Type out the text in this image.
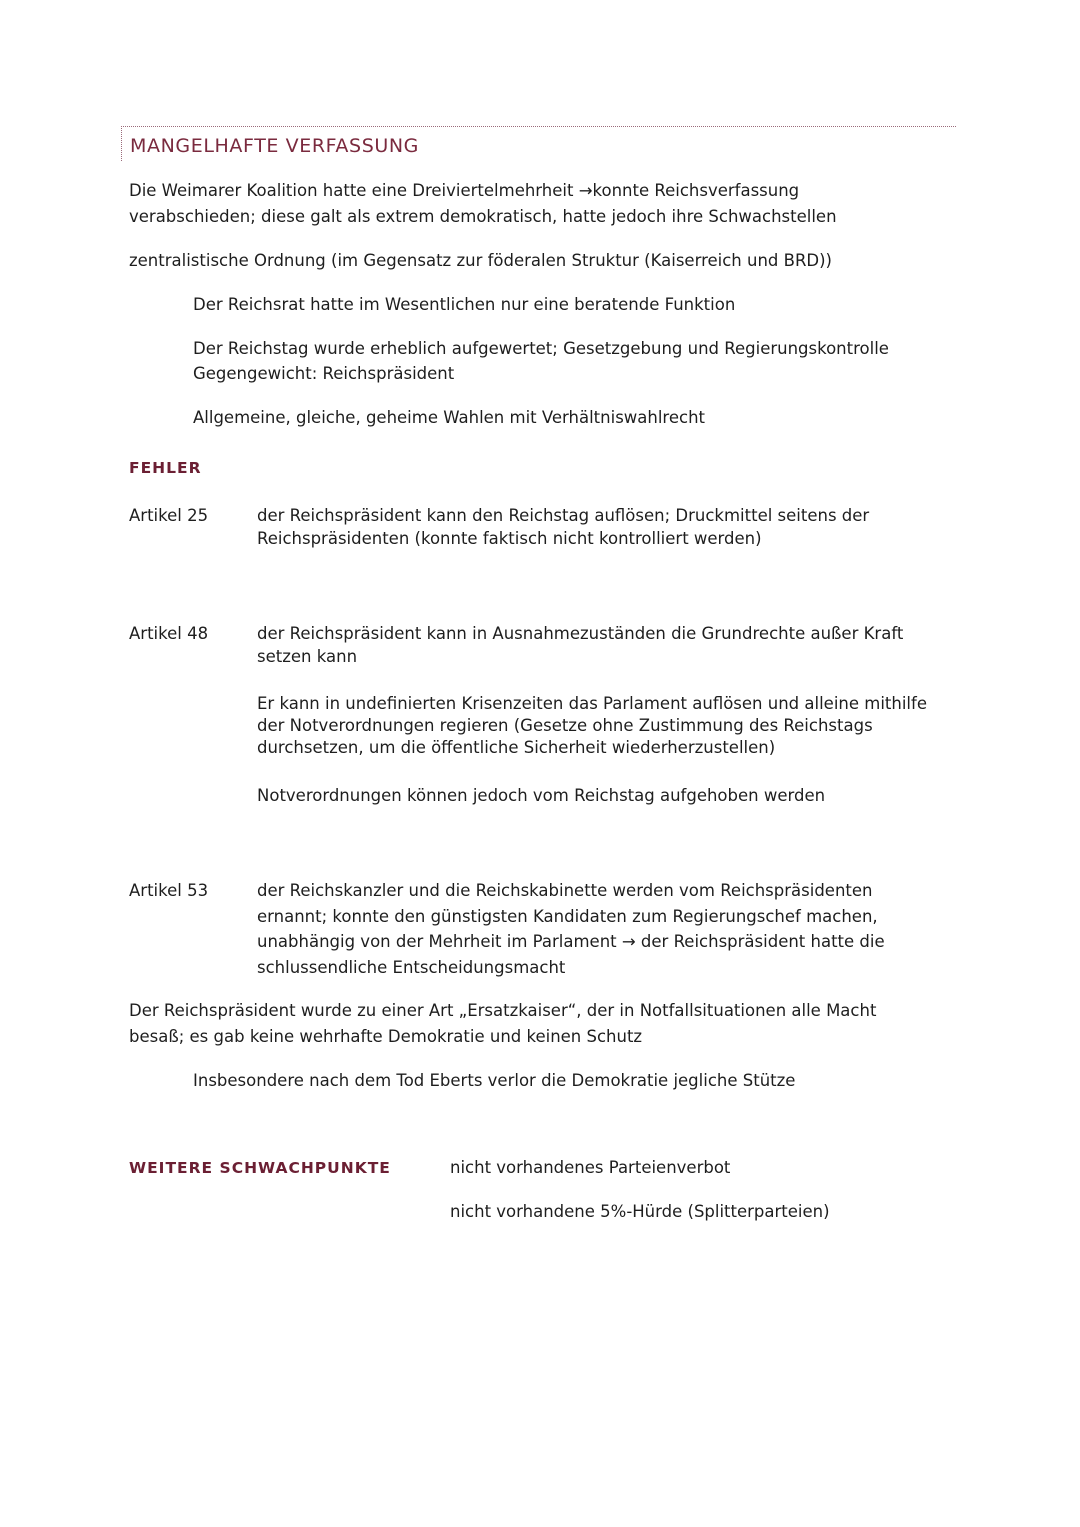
MANGELHAFTE VERFASSUNG
Die Weimarer Koalition hatte eine Dreiviertelmehrheit →konnte Reichsverfassung
verabschieden; diese galt als extrem demokratisch, hatte jedoch ihre Schwachstellen
zentralistische Ordnung (im Gegensatz zur föderalen Struktur (Kaiserreich und BRD))
Der Reichsrat hatte im Wesentlichen nur eine beratende Funktion
Der Reichstag wurde erheblich aufgewertet; Gesetzgebung und Regierungskontrolle
Gegengewicht: Reichspräsident
Allgemeine, gleiche, geheime Wahlen mit Verhältniswahlrecht
FEHLER
Artikel 25	der Reichspräsident kann den Reichstag auflösen; Druckmittel seitens der
Reichspräsidenten (konnte faktisch nicht kontrolliert werden)
Artikel 48	der Reichspräsident kann in Ausnahmezuständen die Grundrechte außer Kraft
setzen kann
Er kann in undefinierten Krisenzeiten das Parlament auflösen und alleine mithilfe
der Notverordnungen regieren (Gesetze ohne Zustimmung des Reichstags
durchsetzen, um die öffentliche Sicherheit wiederherzustellen)
Notverordnungen können jedoch vom Reichstag aufgehoben werden
Artikel 53	der Reichskanzler und die Reichskabinette werden vom Reichspräsidenten
ernannt; konnte den günstigsten Kandidaten zum Regierungschef machen,
unabhängig von der Mehrheit im Parlament → der Reichspräsident hatte die
schlussendliche Entscheidungsmacht
Der Reichspräsident wurde zu einer Art „Ersatzkaiser“, der in Notfallsituationen alle Macht
besaß; es gab keine wehrhafte Demokratie und keinen Schutz
Insbesondere nach dem Tod Eberts verlor die Demokratie jegliche Stütze
WEITERE SCHWACHPUNKTE	nicht vorhandenes Parteienverbot
nicht vorhandene 5%-Hürde (Splitterparteien)
